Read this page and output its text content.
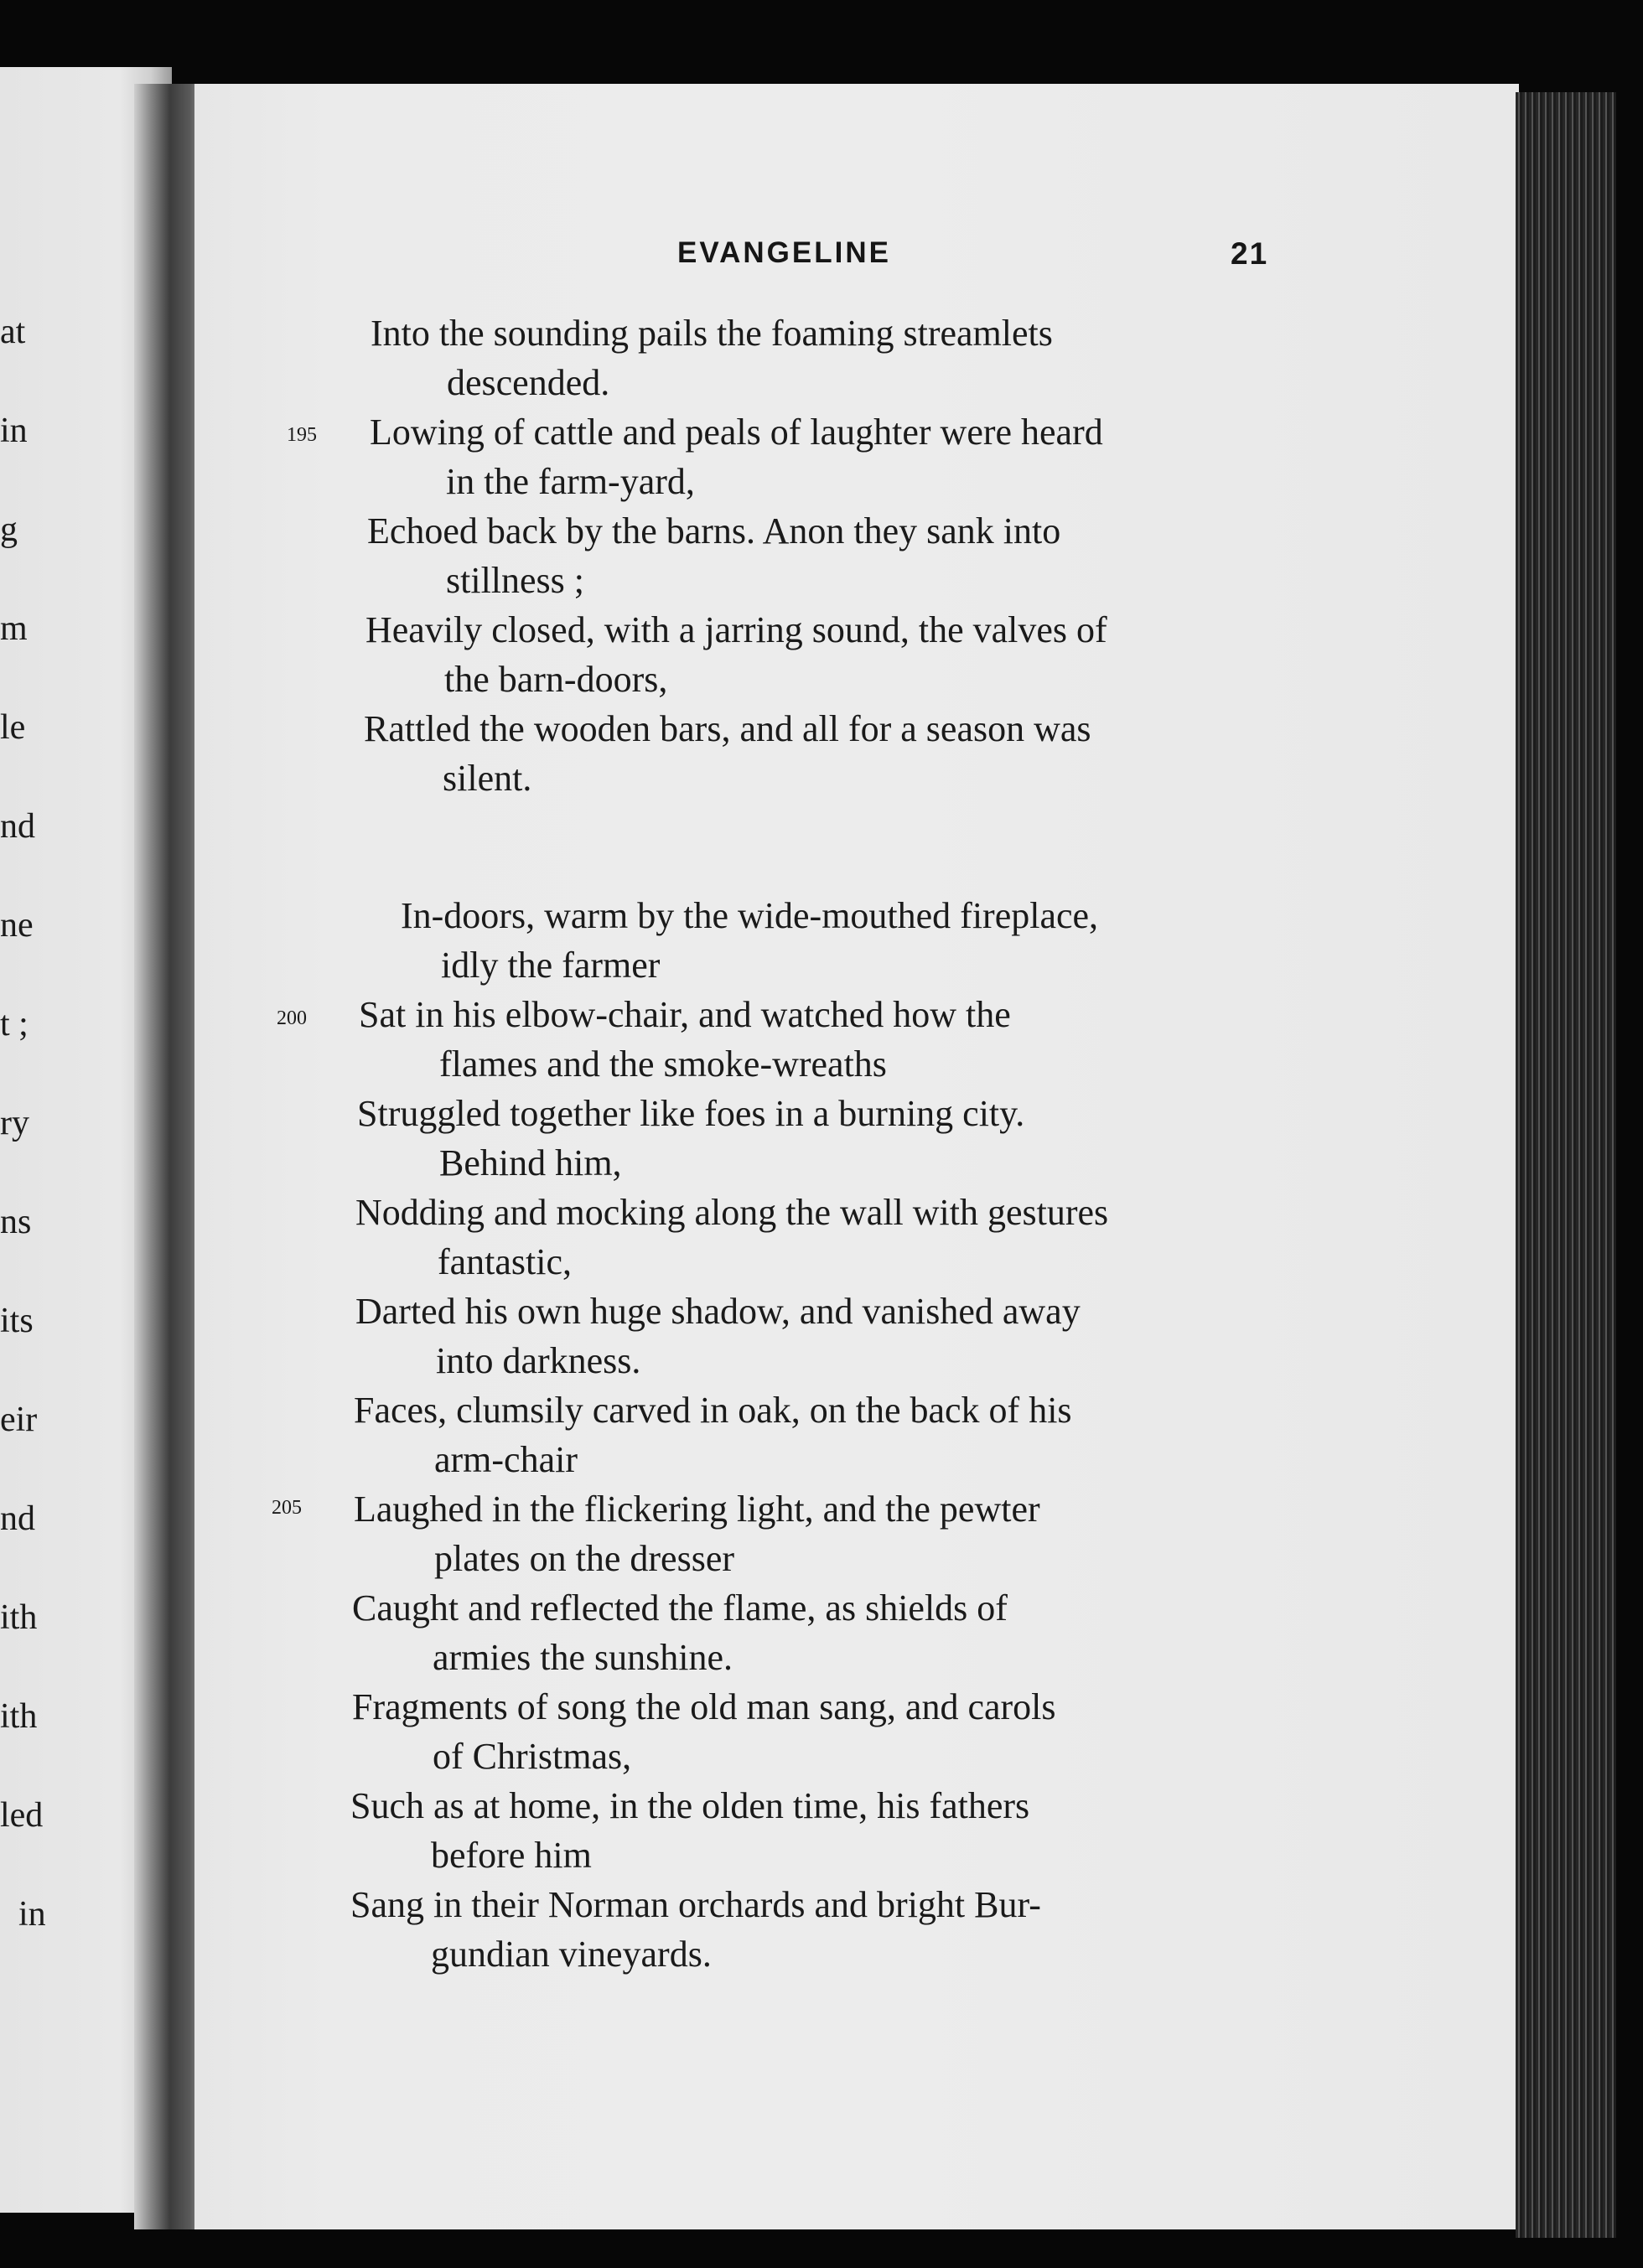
at
in
g
m
le
nd
ne
t ;
ry
ns
its
eir
nd
ith
ith
led
in
EVANGELINE	21
195
200
205
Into the sounding pails the foaming streamlets
descended.
Lowing of cattle and peals of laughter were heard
in the farm-yard,
Echoed back by the barns. Anon they sank into
stillness ;
Heavily closed, with a jarring sound, the valves of
the barn-doors,
Rattled the wooden bars, and all for a season was
silent.
In-doors, warm by the wide-mouthed fireplace,
idly the farmer
Sat in his elbow-chair, and watched how the
flames and the smoke-wreaths
Struggled together like foes in a burning city.
Behind him,
Nodding and mocking along the wall with gestures
fantastic,
Darted his own huge shadow, and vanished away
into darkness.
Faces, clumsily carved in oak, on the back of his
arm-chair
Laughed in the flickering light, and the pewter
plates on the dresser
Caught and reflected the flame, as shields of
armies the sunshine.
Fragments of song the old man sang, and carols
of Christmas,
Such as at home, in the olden time, his fathers
before him
Sang in their Norman orchards and bright Bur-
gundian vineyards.
